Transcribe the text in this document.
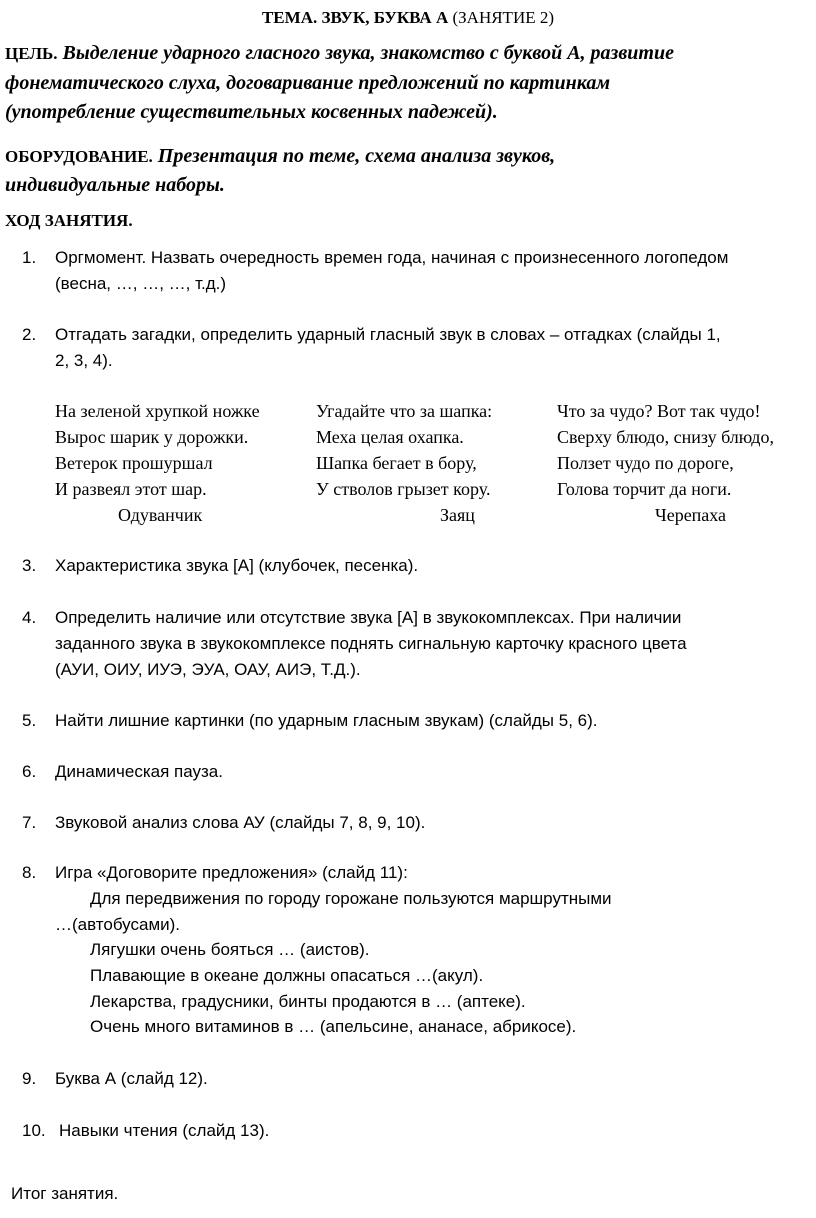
ТЕМА. ЗВУК, БУКВА А (ЗАНЯТИЕ 2)
ЦЕЛЬ. Выделение ударного гласного звука, знакомство с буквой А, развитие
фонематического слуха, договаривание предложений по картинкам
(употребление существительных косвенных падежей).
ОБОРУДОВАНИЕ. Презентация по теме, схема анализа звуков,
индивидуальные наборы.
ХОД ЗАНЯТИЯ.
1. Оргмомент. Назвать очередность времен года, начиная с произнесенного логопедом
(весна, …, …, …, т.д.)
2. Отгадать загадки, определить ударный гласный звук в словах – отгадках (слайды 1,
2, 3, 4).
На зеленой хрупкой ножке
Вырос шарик у дорожки.
Ветерок прошуршал
И развеял этот шар.
Угадайте что за шапка:
Меха целая охапка.
Шапка бегает в бору,
У стволов грызет кору.
Что за чудо? Вот так чудо!
Сверху блюдо, снизу блюдо,
Ползет чудо по дороге,
Голова торчит да ноги.
Одуванчик	Заяц	Черепаха
3. Характеристика звука [А] (клубочек, песенка).
4. Определить наличие или отсутствие звука [А] в звукокомплексах. При наличии
заданного звука в звукокомплексе поднять сигнальную карточку красного цвета
(АУИ, ОИУ, ИУЭ, ЭУА, ОАУ, АИЭ, Т.Д.).
5. Найти лишние картинки (по ударным гласным звукам) (слайды 5, 6).
6. Динамическая пауза.
7. Звуковой анализ слова АУ (слайды 7, 8, 9, 10).
8. Игра «Договорите предложения» (слайд 11):
Для передвижения по городу горожане пользуются маршрутными
…(автобусами).
Лягушки очень бояться … (аистов).
Плавающие в океане должны опасаться …(акул).
Лекарства, градусники, бинты продаются в … (аптеке).
Очень много витаминов в … (апельсине, ананасе, абрикосе).
9. Буква А (слайд 12).
10. Навыки чтения (слайд 13).
Итог занятия.
